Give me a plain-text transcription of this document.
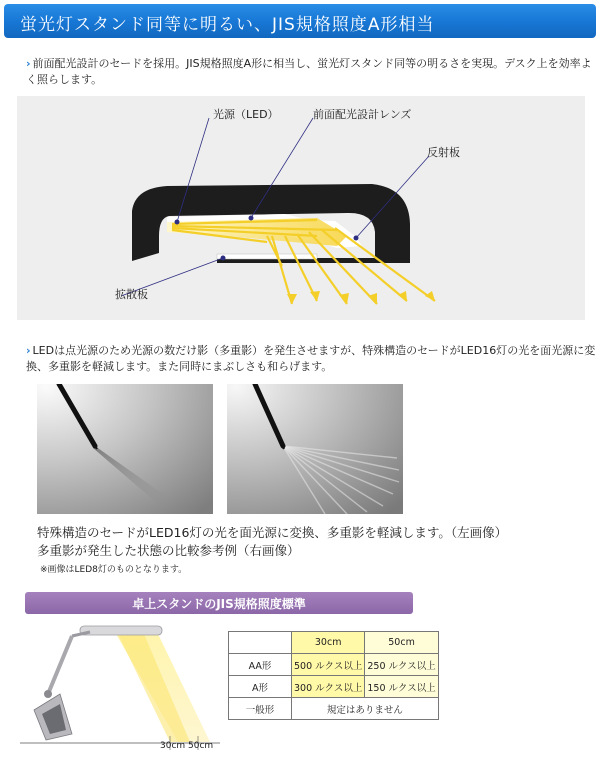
蛍光灯スタンド同等に明るい、JIS規格照度A形相当
› 前面配光設計のセードを採用。JIS規格照度A形に相当し、蛍光灯スタンド同等の明るさを実現。デスク上を効率よく照らします。
光源（LED）	前面配光設計レンズ
反射板
拡散板
› LEDは点光源のため光源の数だけ影（多重影）を発生させますが、特殊構造のセードがLED16灯の光を面光源に変換、多重影を軽減します。また同時にまぶしさも和らげます。
特殊構造のセードがLED16灯の光を面光源に変換、多重影を軽減します。（左画像）
多重影が発生した状態の比較参考例（右画像）
※画像はLED8灯のものとなります。
卓上スタンドのJIS規格照度標準
30cm 50cm
	30cm	50cm
AA形	500 ルクス以上	250 ルクス以上
A形	300 ルクス以上	150 ルクス以上
一般形	規定はありません	
